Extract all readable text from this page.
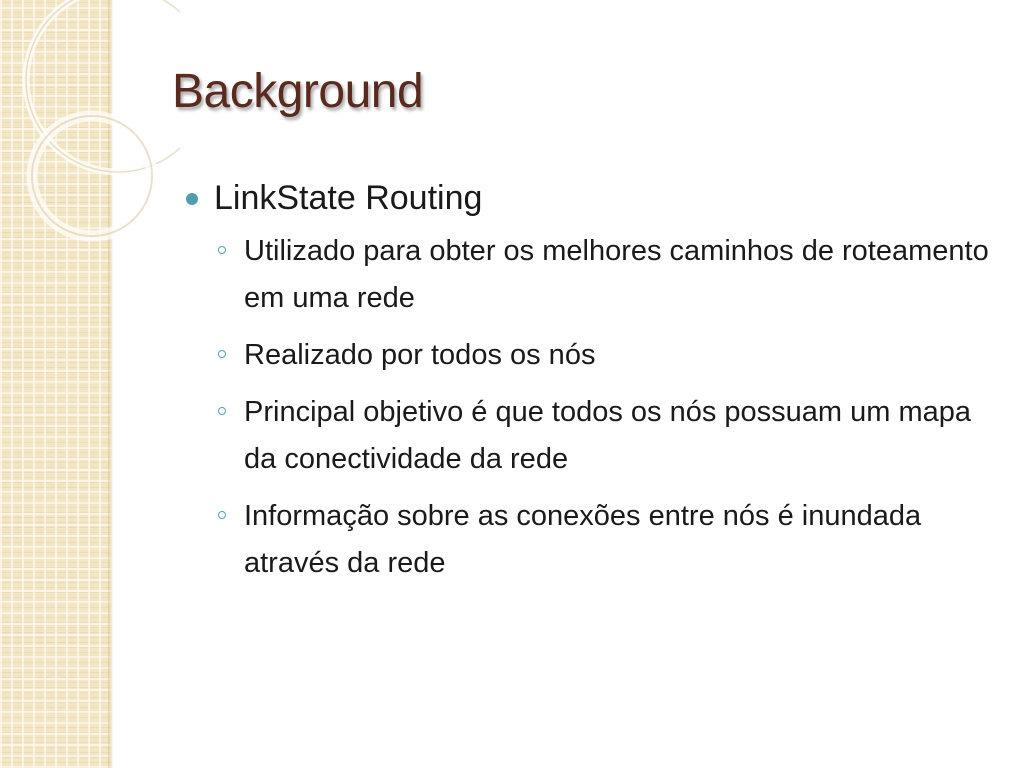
Background
LinkState Routing
Utilizado para obter os melhores caminhos de roteamento em uma rede
Realizado por todos os nós
Principal objetivo é que todos os nós possuam um mapa da conectividade da rede
Informação sobre as conexões entre nós é inundada através da rede
